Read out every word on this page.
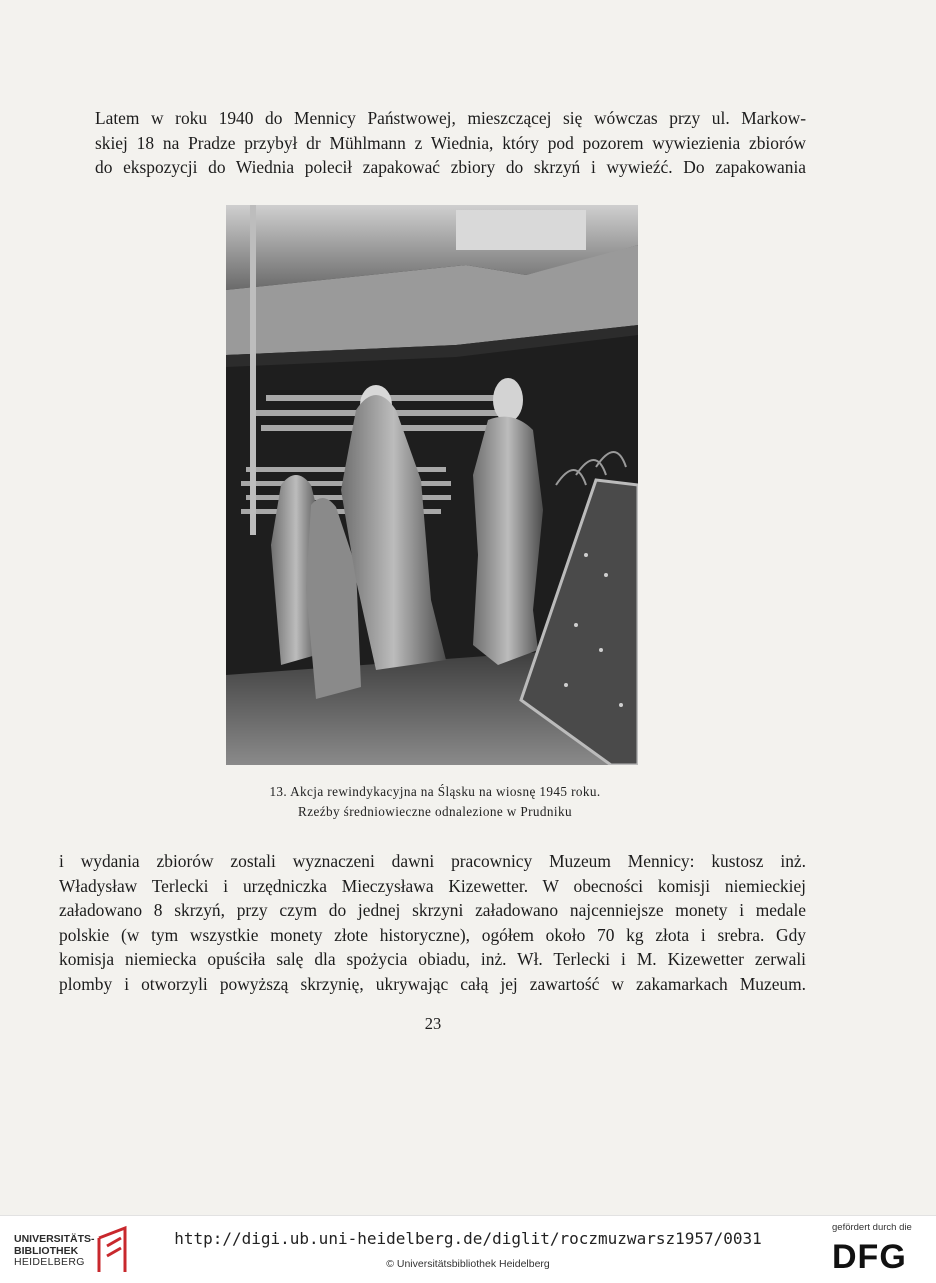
Latem w roku 1940 do Mennicy Państwowej, mieszczącej się wówczas przy ul. Markow-
skiej 18 na Pradze przybył dr Mühlmann z Wiednia, który pod pozorem wywiezienia zbiorów
do ekspozycji do Wiednia polecił zapakować zbiory do skrzyń i wywieźć. Do zapakowania
13. Akcja rewindykacyjna na Śląsku na wiosnę 1945 roku.
Rzeźby średniowieczne odnalezione w Prudniku
i wydania zbiorów zostali wyznaczeni dawni pracownicy Muzeum Mennicy: kustosz inż.
Władysław Terlecki i urzędniczka Mieczysława Kizewetter. W obecności komisji niemieckiej
załadowano 8 skrzyń, przy czym do jednej skrzyni załadowano najcenniejsze monety i medale
polskie (w tym wszystkie monety złote historyczne), ogółem około 70 kg złota i srebra. Gdy
komisja niemiecka opuściła salę dla spożycia obiadu, inż. Wł. Terlecki i M. Kizewetter zerwali
plomby i otworzyli powyższą skrzynię, ukrywając całą jej zawartość w zakamarkach Muzeum.
23
UNIVERSITÄTS-
BIBLIOTHEK
HEIDELBERG
http://digi.ub.uni-heidelberg.de/diglit/roczmuzwarsz1957/0031
© Universitätsbibliothek Heidelberg
gefördert durch die
DFG
